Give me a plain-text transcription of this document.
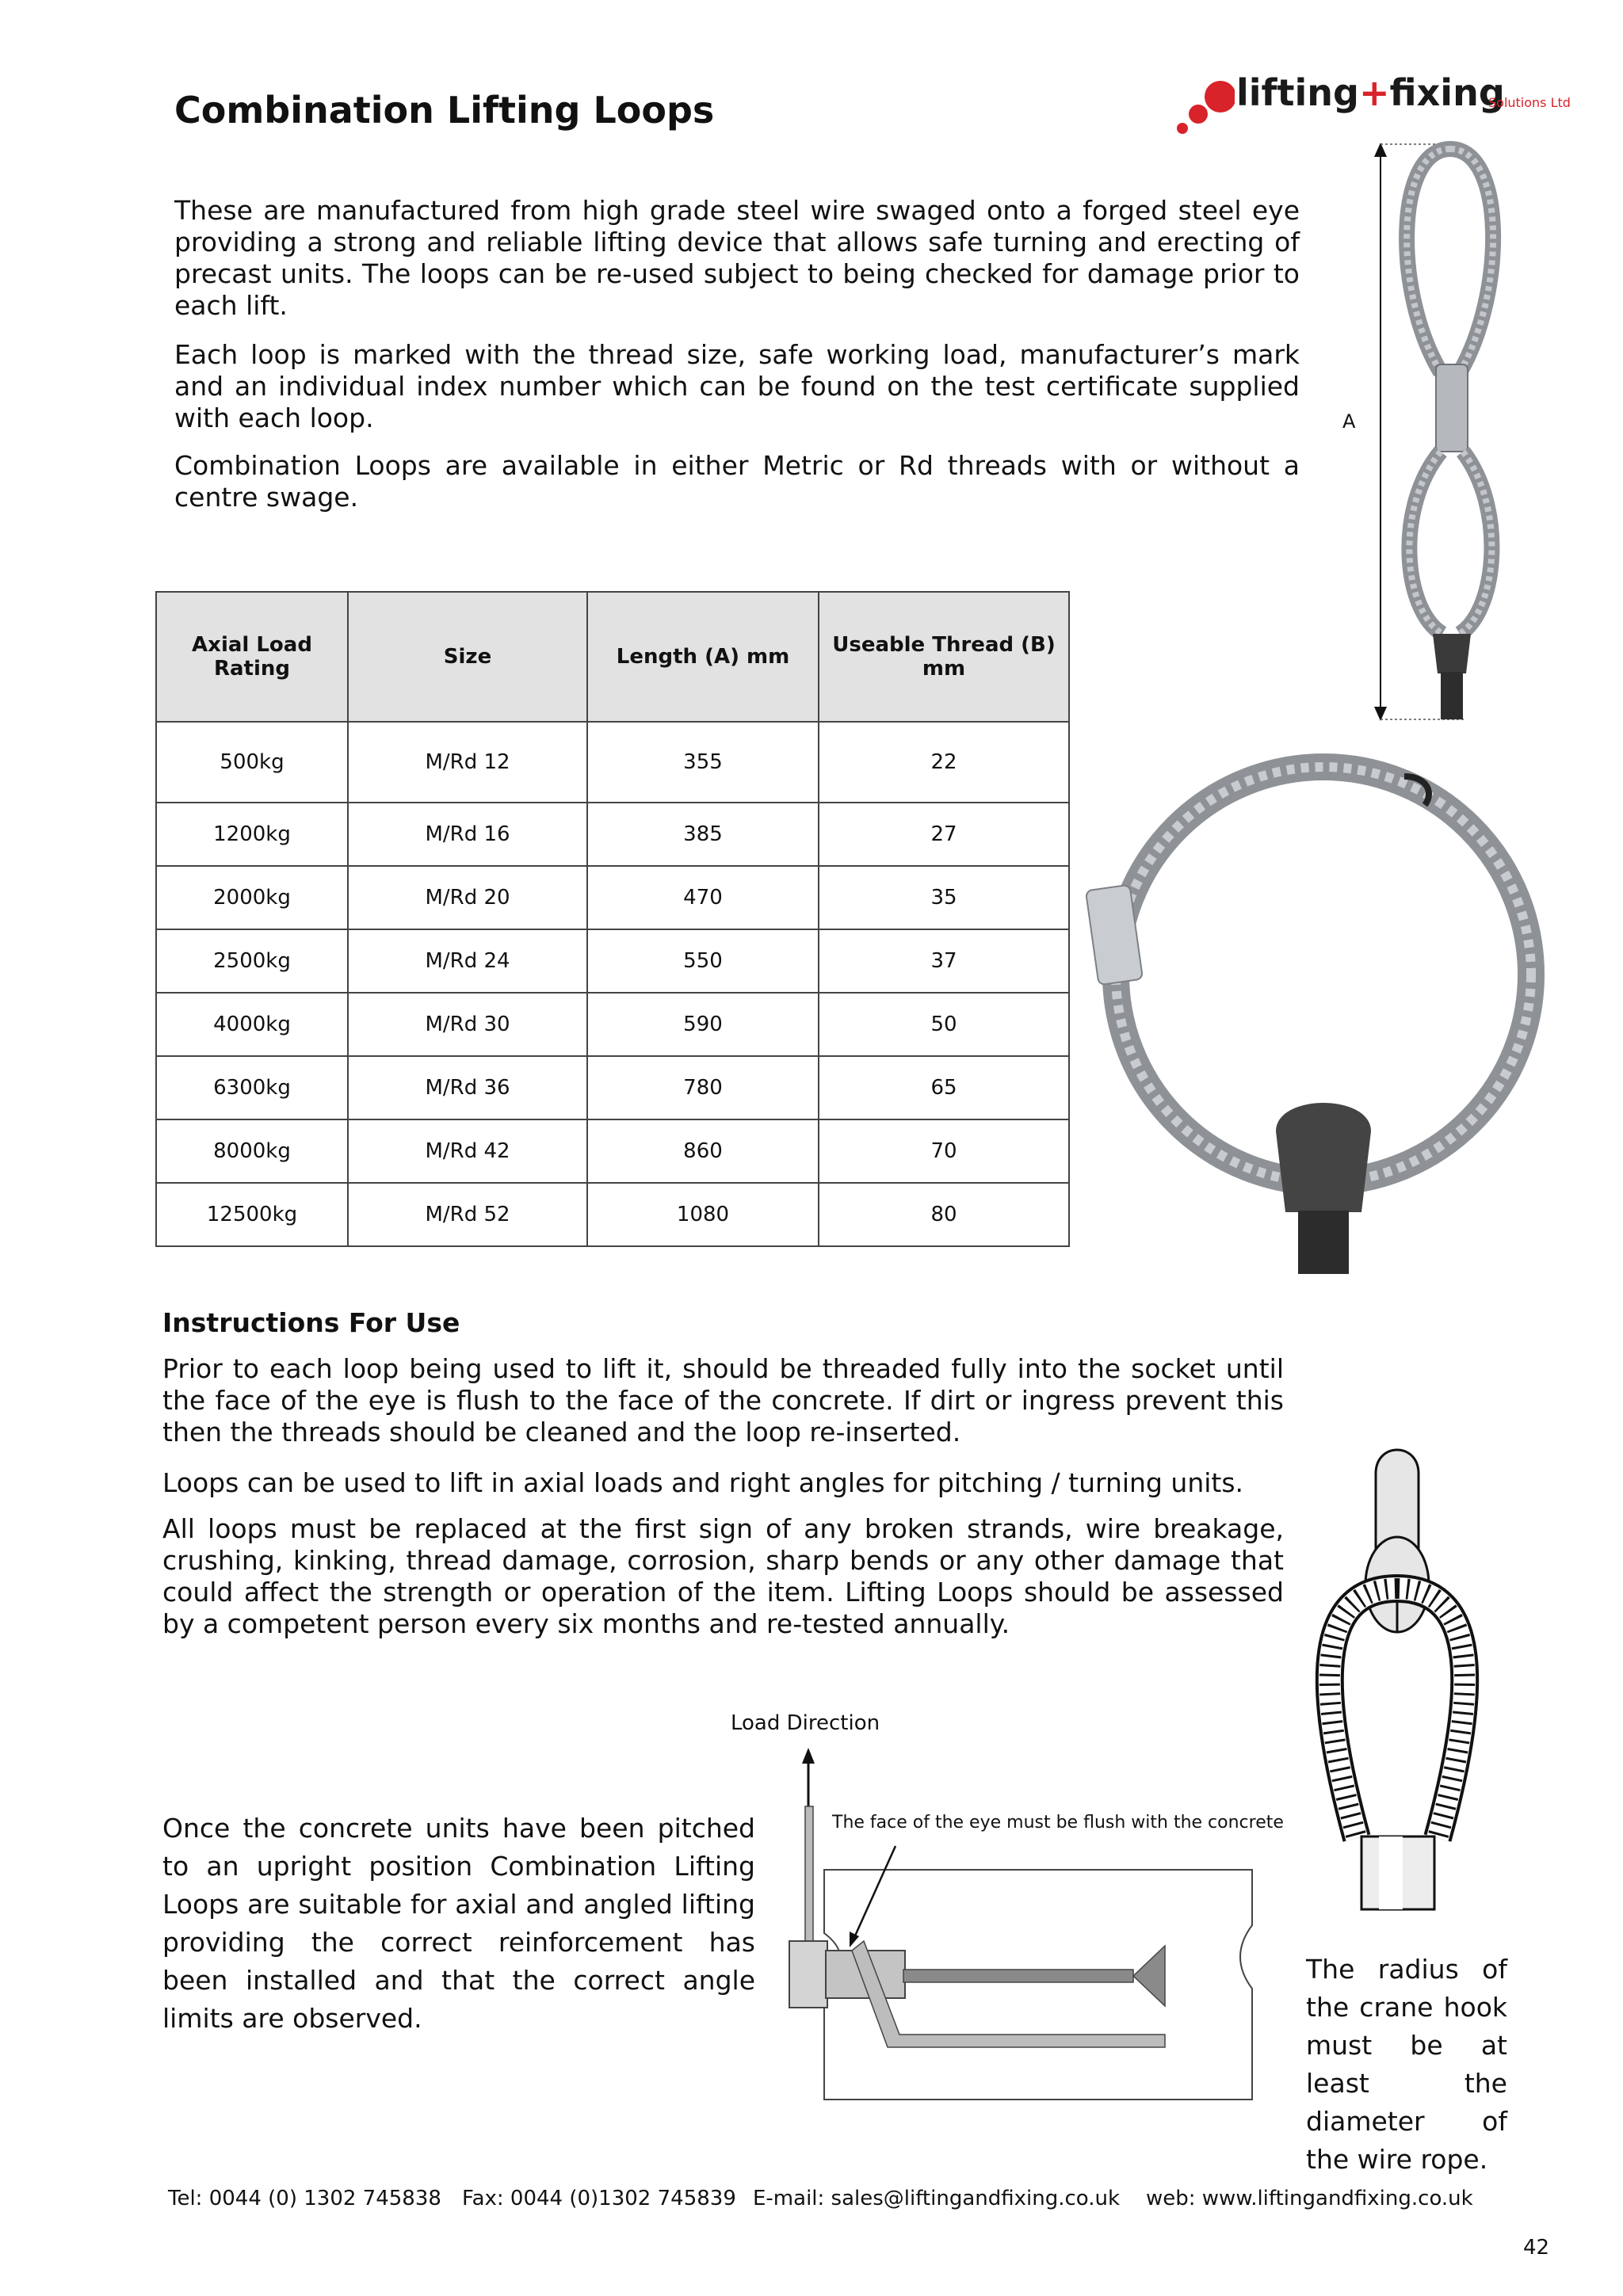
Combination Lifting Loops	lifting+fixing
Solutions Ltd
These are manufactured from high grade steel wire swaged onto a forged steel eye providing a strong and reliable lifting device that allows safe turning and erecting of precast units. The loops can be re-used subject to being checked for damage prior to each lift.
Each loop is marked with the thread size, safe working load, manufacturer’s mark and an individual index number which can be found on the test certificate supplied with each loop.
Combination Loops are available in either Metric or Rd threads with or without a centre swage.
A
Axial Load Rating	Size	Length (A) mm	Useable Thread (B) mm
500kg	M/Rd 12	355	22
1200kg	M/Rd 16	385	27
2000kg	M/Rd 20	470	35
2500kg	M/Rd 24	550	37
4000kg	M/Rd 30	590	50
6300kg	M/Rd 36	780	65
8000kg	M/Rd 42	860	70
12500kg	M/Rd 52	1080	80
Instructions For Use
Prior to each loop being used to lift it, should be threaded fully into the socket until the face of the eye is flush to the face of the concrete. If dirt or ingress prevent this then the threads should be cleaned and the loop re-inserted.
Loops can be used to lift in axial loads and right angles for pitching / turning units.
All loops must be replaced at the first sign of any broken strands, wire breakage, crushing, kinking, thread damage, corrosion, sharp bends or any other damage that could affect the strength or operation of the item. Lifting Loops should be assessed by a competent person every six months and re-tested annually.
Load Direction
The face of the eye must be flush with the concrete
Once the concrete units have been pitched to an upright position Combination Lifting Loops are suitable for axial and angled lifting providing the correct reinforcement has been installed and that the correct angle limits are observed.
The radius of the crane hook must be at least the diameter of the wire rope.
Tel: 0044 (0) 1302 745838 Fax: 0044 (0)1302 745839 E-mail: sales@liftingandfixing.co.uk web: www.liftingandfixing.co.uk
42
